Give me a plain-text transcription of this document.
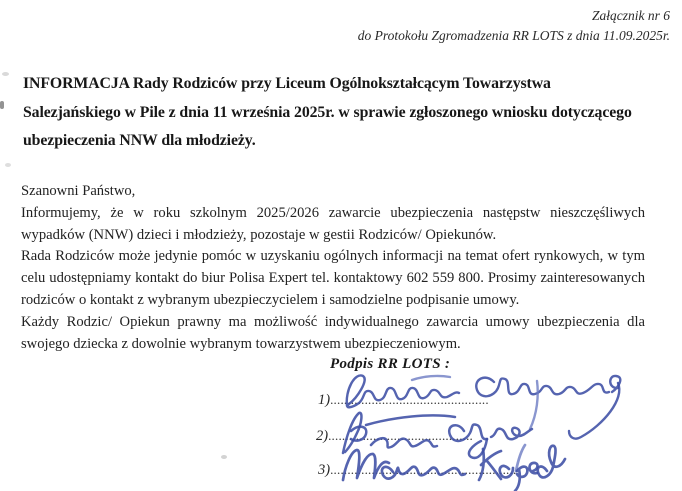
Załącznik nr 6
do Protokołu Zgromadzenia RR LOTS z dnia 11.09.2025r.
INFORMACJA Rady Rodziców przy Liceum Ogólnokształcącym Towarzystwa
Salezjańskiego w Pile z dnia 11 września 2025r. w sprawie zgłoszonego wniosku dotyczącego
ubezpieczenia NNW dla młodzieży.
Szanowni Państwo,
Informujemy, że w roku szkolnym 2025/2026 zawarcie ubezpieczenia następstw nieszczęśliwych
wypadków (NNW) dzieci i młodzieży, pozostaje w gestii Rodziców/ Opiekunów.
Rada Rodziców może jedynie pomóc w uzyskaniu ogólnych informacji na temat ofert rynkowych, w tym
celu udostępniamy kontakt do biur Polisa Expert tel. kontaktowy 602 559 800. Prosimy zainteresowanych
rodziców o kontakt z wybranym ubezpieczycielem i samodzielne podpisanie umowy.
Każdy Rodzic/ Opiekun prawny ma możliwość indywidualnego zawarcia umowy ubezpieczenia dla
swojego dziecka z dowolnie wybranym towarzystwem ubezpieczeniowym.
Podpis RR LOTS :
1)..............................................
2)..........................................
3)......................................................
